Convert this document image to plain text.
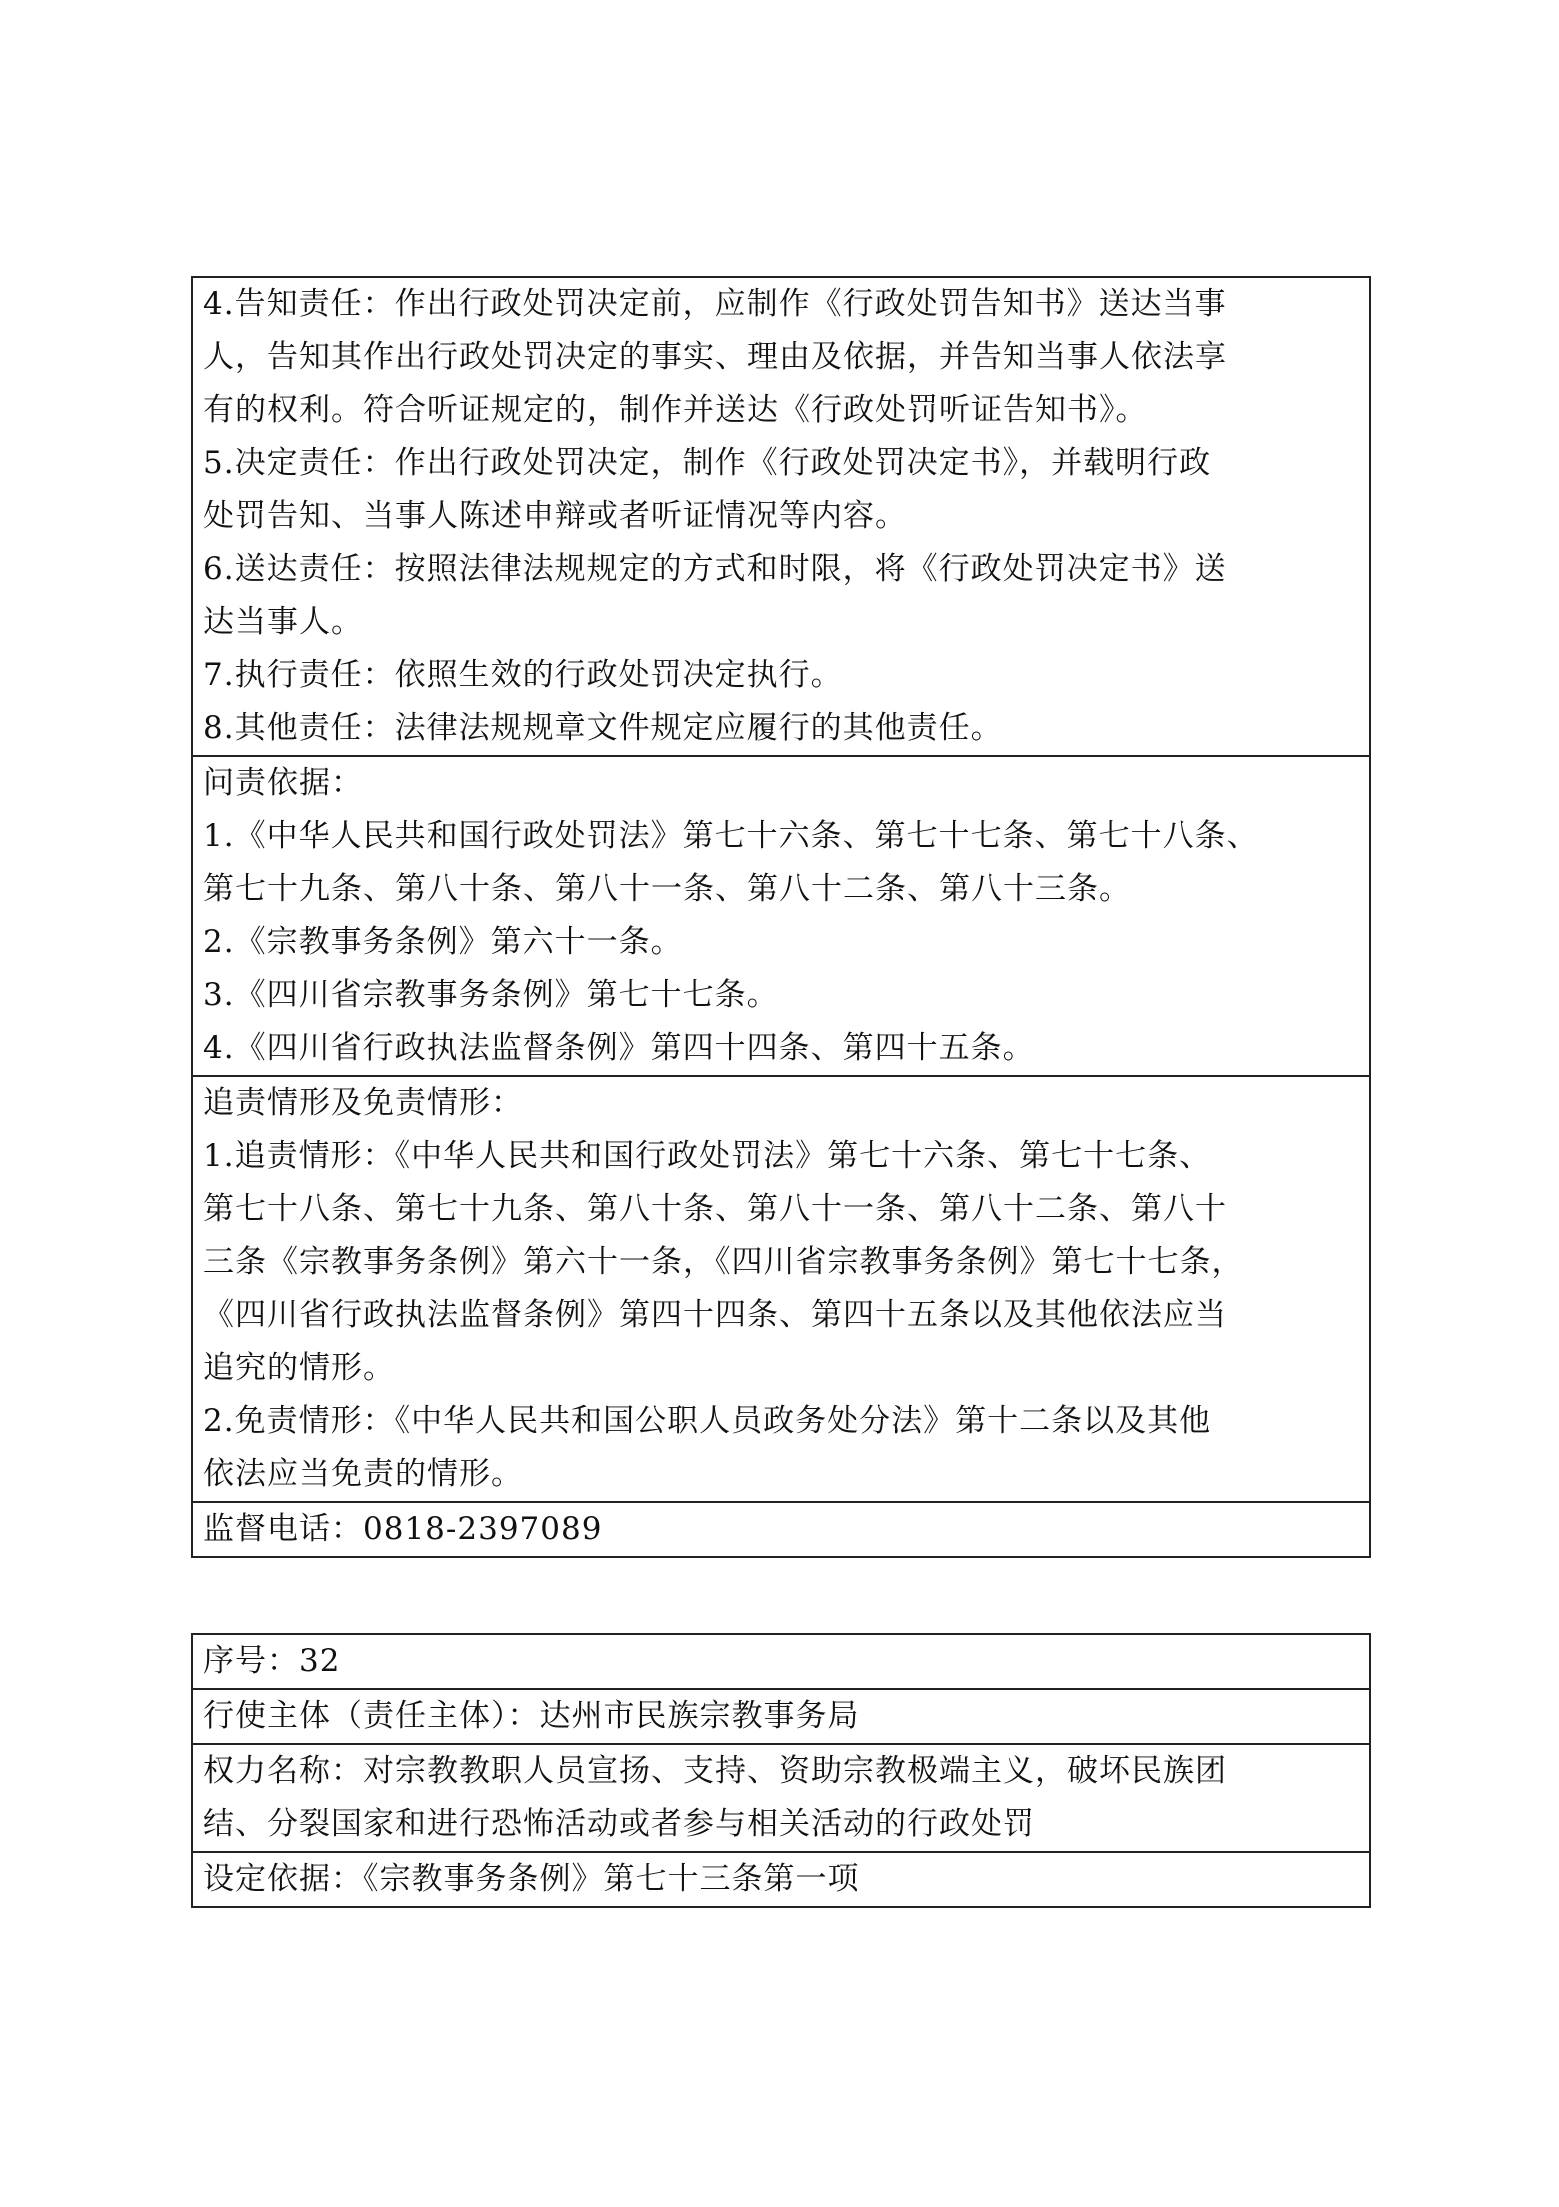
4.告知责任：作出行政处罚决定前，应制作《行政处罚告知书》送达当事
人，告知其作出行政处罚决定的事实、理由及依据，并告知当事人依法享
有的权利。符合听证规定的，制作并送达《行政处罚听证告知书》。
5.决定责任：作出行政处罚决定，制作《行政处罚决定书》，并载明行政
处罚告知、当事人陈述申辩或者听证情况等内容。
6.送达责任：按照法律法规规定的方式和时限，将《行政处罚决定书》送
达当事人。
7.执行责任：依照生效的行政处罚决定执行。
8.其他责任：法律法规规章文件规定应履行的其他责任。
问责依据：
1.《中华人民共和国行政处罚法》第七十六条、第七十七条、第七十八条、
第七十九条、第八十条、第八十一条、第八十二条、第八十三条。
2.《宗教事务条例》第六十一条。
3.《四川省宗教事务条例》第七十七条。
4.《四川省行政执法监督条例》第四十四条、第四十五条。
追责情形及免责情形：
1.追责情形：《中华人民共和国行政处罚法》第七十六条、第七十七条、
第七十八条、第七十九条、第八十条、第八十一条、第八十二条、第八十
三条《宗教事务条例》第六十一条，《四川省宗教事务条例》第七十七条，
《四川省行政执法监督条例》第四十四条、第四十五条以及其他依法应当
追究的情形。
2.免责情形：《中华人民共和国公职人员政务处分法》第十二条以及其他
依法应当免责的情形。
监督电话：0818-2397089
序号：32
行使主体（责任主体）：达州市民族宗教事务局
权力名称：对宗教教职人员宣扬、支持、资助宗教极端主义，破坏民族团
结、分裂国家和进行恐怖活动或者参与相关活动的行政处罚
设定依据：《宗教事务条例》第七十三条第一项
